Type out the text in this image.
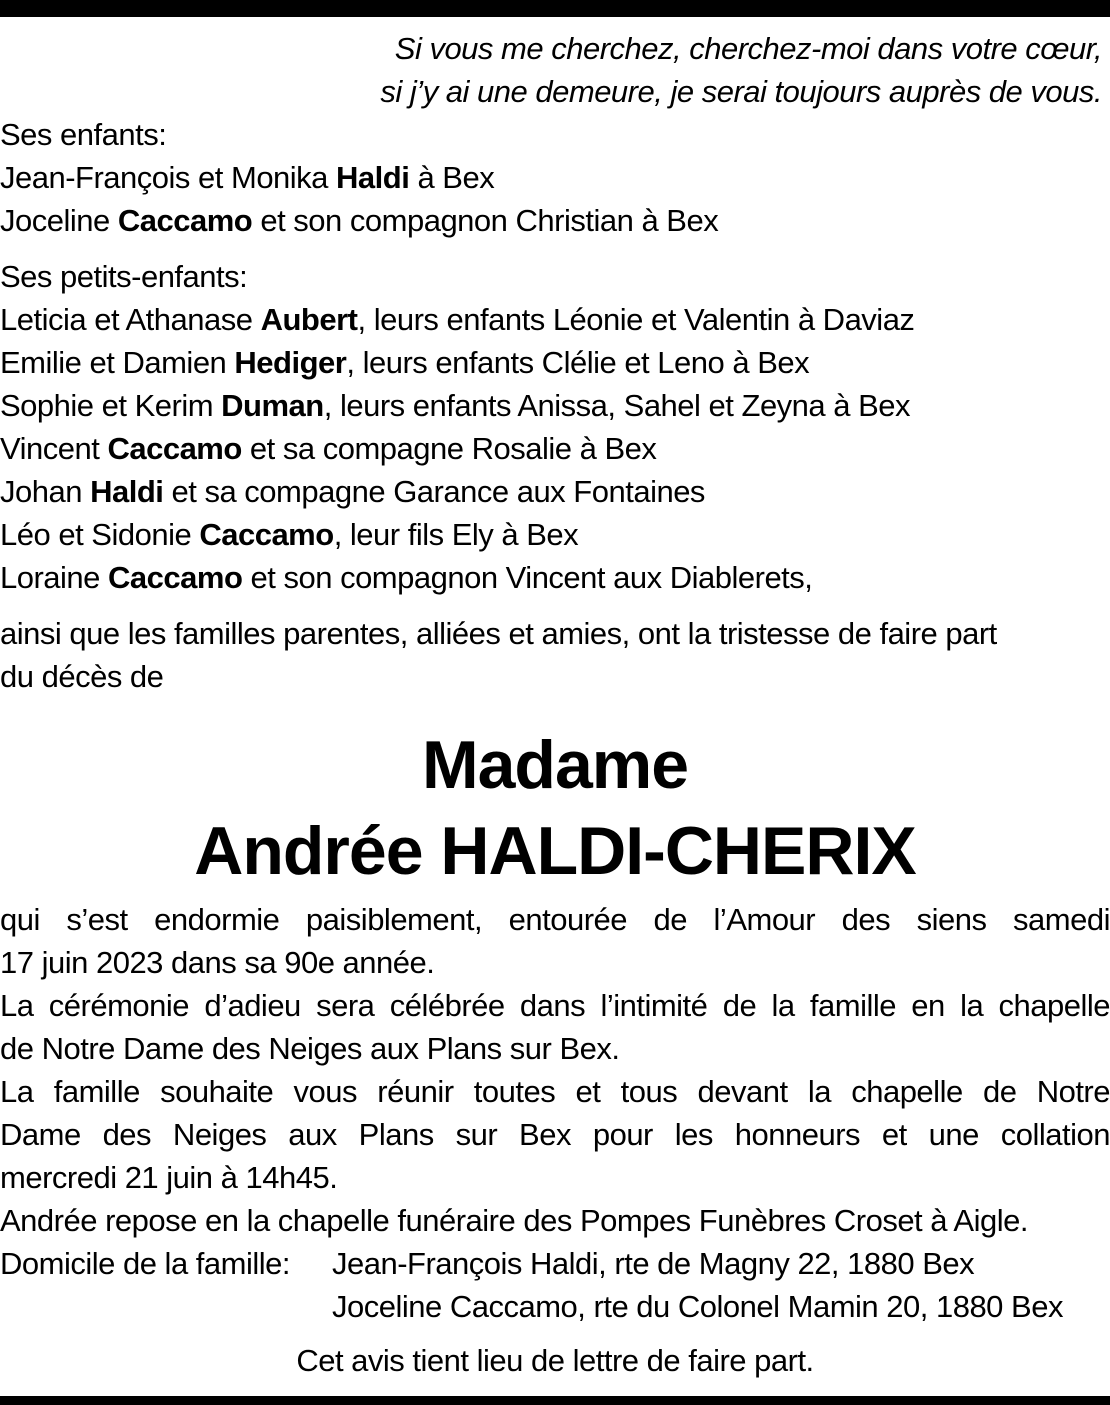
Si vous me cherchez, cherchez-moi dans votre cœur,
si j’y ai une demeure, je serai toujours auprès de vous.
Ses enfants:
Jean-François et Monika Haldi à Bex
Joceline Caccamo et son compagnon Christian à Bex
Ses petits-enfants:
Leticia et Athanase Aubert, leurs enfants Léonie et Valentin à Daviaz
Emilie et Damien Hediger, leurs enfants Clélie et Leno à Bex
Sophie et Kerim Duman, leurs enfants Anissa, Sahel et Zeyna à Bex
Vincent Caccamo et sa compagne Rosalie à Bex
Johan Haldi et sa compagne Garance aux Fontaines
Léo et Sidonie Caccamo, leur fils Ely à Bex
Loraine Caccamo et son compagnon Vincent aux Diablerets,
ainsi que les familles parentes, alliées et amies, ont la tristesse de faire part
du décès de
Madame
Andrée HALDI-CHERIX
qui s’est endormie paisiblement, entourée de l’Amour des siens samedi
17 juin 2023 dans sa 90e année.
La cérémonie d’adieu sera célébrée dans l’intimité de la famille en la chapelle
de Notre Dame des Neiges aux Plans sur Bex.
La famille souhaite vous réunir toutes et tous devant la chapelle de Notre
Dame des Neiges aux Plans sur Bex pour les honneurs et une collation
mercredi 21 juin à 14h45.
Andrée repose en la chapelle funéraire des Pompes Funèbres Croset à Aigle.
Domicile de la famille:	Jean-François Haldi, rte de Magny 22, 1880 Bex
Joceline Caccamo, rte du Colonel Mamin 20, 1880 Bex
Cet avis tient lieu de lettre de faire part.
